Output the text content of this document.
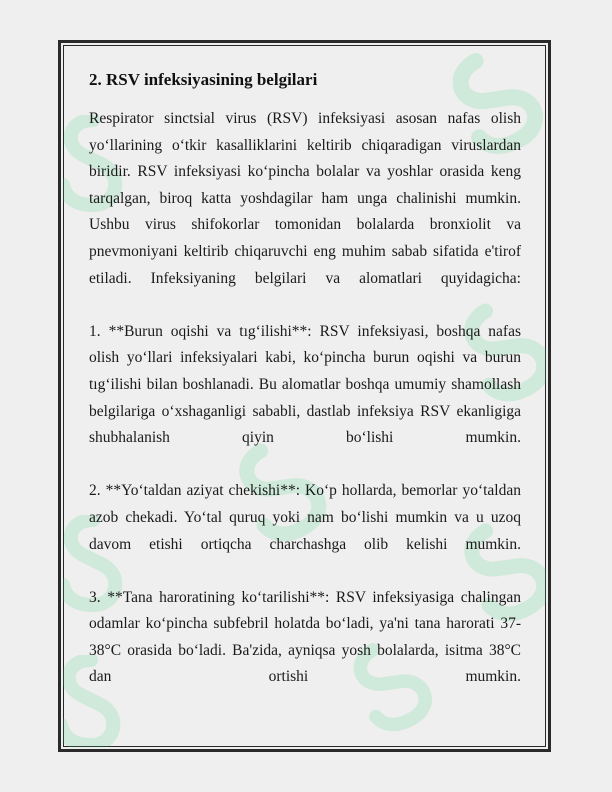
2. RSV infeksiyasining belgilari

Respirator sinctsial virus (RSV) infeksiyasi asosan nafas olish yo‘llarining o‘tkir kasalliklarini keltirib chiqaradigan viruslardan biridir. RSV infeksiyasi ko‘pincha bolalar va yoshlar orasida keng tarqalgan, biroq katta yoshdagilar ham unga chalinishi mumkin. Ushbu virus shifokorlar tomonidan bolalarda bronxiolit va pnevmoniyani keltirib chiqaruvchi eng muhim sabab sifatida e'tirof etiladi. Infeksiyaning belgilari va alomatlari quyidagicha:

1. **Burun oqishi va tıg‘ilishi**: RSV infeksiyasi, boshqa nafas olish yo‘llari infeksiyalari kabi, ko‘pincha burun oqishi va burun tıg‘ilishi bilan boshlanadi. Bu alomatlar boshqa umumiy shamollash belgilariga o‘xshaganligi sababli, dastlab infeksiya RSV ekanligiga shubhalanish qiyin bo‘lishi mumkin.

2. **Yo‘taldan aziyat chekishi**: Ko‘p hollarda, bemorlar yo‘taldan azob chekadi. Yo‘tal quruq yoki nam bo‘lishi mumkin va u uzoq davom etishi ortiqcha charchashga olib kelishi mumkin.

3. **Tana haroratining ko‘tarilishi**: RSV infeksiyasiga chalingan odamlar ko‘pincha subfebril holatda bo‘ladi, ya'ni tana harorati 37-38°C orasida bo‘ladi. Ba'zida, ayniqsa yosh bolalarda, isitma 38°C dan ortishi mumkin.
